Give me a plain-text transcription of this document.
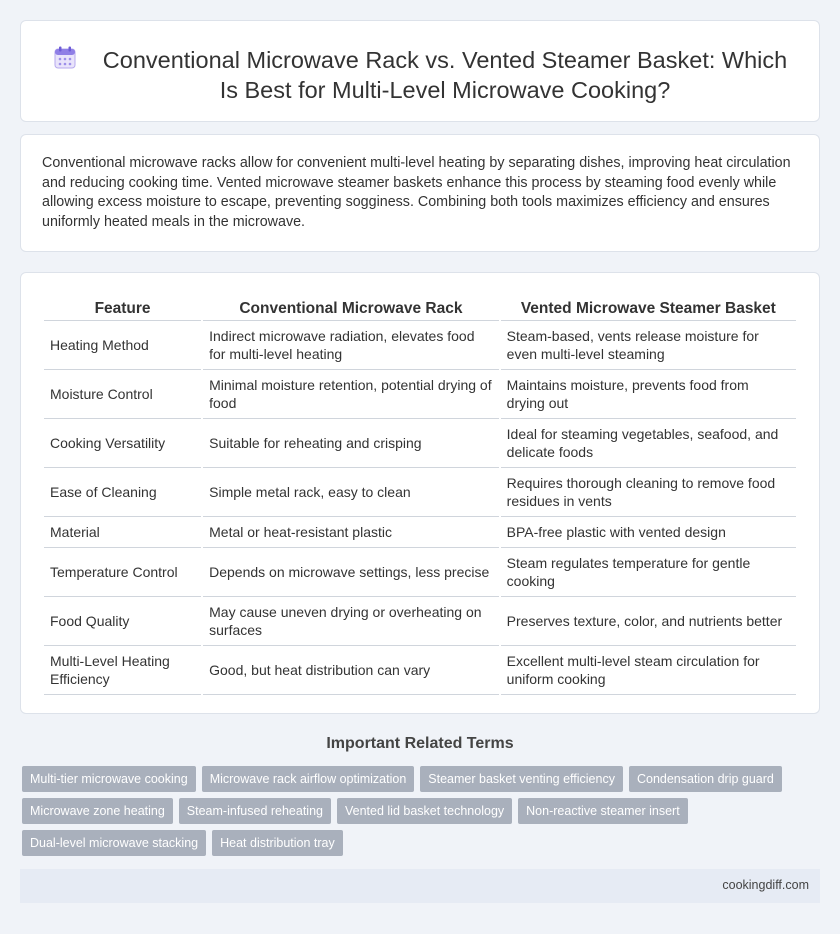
Conventional Microwave Rack vs. Vented Steamer Basket: Which Is Best for Multi-Level Microwave Cooking?

Conventional microwave racks allow for convenient multi-level heating by separating dishes, improving heat circulation and reducing cooking time. Vented microwave steamer baskets enhance this process by steaming food evenly while allowing excess moisture to escape, preventing sogginess. Combining both tools maximizes efficiency and ensures uniformly heated meals in the microwave.

Feature	Conventional Microwave Rack	Vented Microwave Steamer Basket
Heating Method	Indirect microwave radiation, elevates food for multi-level heating	Steam-based, vents release moisture for even multi-level steaming
Moisture Control	Minimal moisture retention, potential drying of food	Maintains moisture, prevents food from drying out
Cooking Versatility	Suitable for reheating and crisping	Ideal for steaming vegetables, seafood, and delicate foods
Ease of Cleaning	Simple metal rack, easy to clean	Requires thorough cleaning to remove food residues in vents
Material	Metal or heat-resistant plastic	BPA-free plastic with vented design
Temperature Control	Depends on microwave settings, less precise	Steam regulates temperature for gentle cooking
Food Quality	May cause uneven drying or overheating on surfaces	Preserves texture, color, and nutrients better
Multi-Level Heating Efficiency	Good, but heat distribution can vary	Excellent multi-level steam circulation for uniform cooking
Important Related Terms
Multi-tier microwave cooking	Microwave rack airflow optimization	Steamer basket venting efficiency	Condensation drip guard
Microwave zone heating	Steam-infused reheating	Vented lid basket technology	Non-reactive steamer insert
Dual-level microwave stacking	Heat distribution tray
cookingdiff.com
